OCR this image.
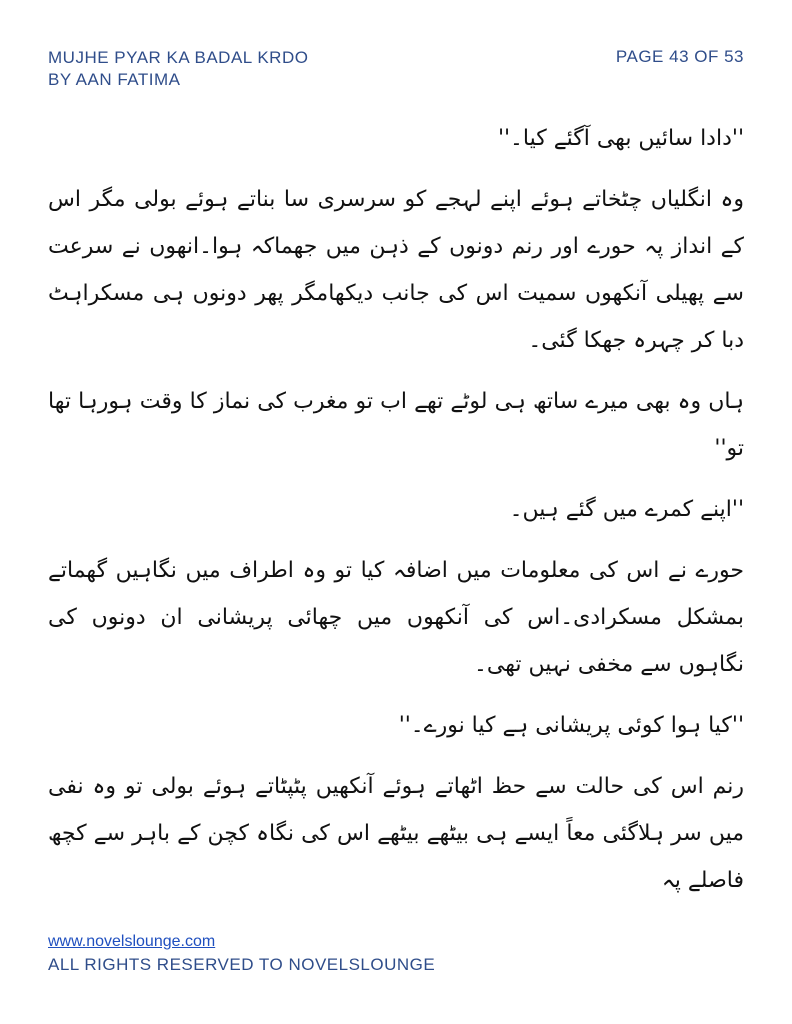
MUJHE PYAR KA BADAL KRDO
BY AAN FATIMA
PAGE 43 OF 53

''دادا سائیں بھی آگئے کیا۔''

وہ انگلیاں چٹخاتے ہوئے اپنے لہجے کو سرسری سا بناتے ہوئے بولی مگر اس کے انداز پہ حورے اور رنم دونوں کے ذہن میں جھماکہ ہوا۔انھوں نے سرعت سے پھیلی آنکھوں سمیت اس کی جانب دیکھامگر پھر دونوں ہی مسکراہٹ دبا کر چہرہ جھکا گئی۔

ہاں وہ بھی میرے ساتھ ہی لوٹے تھے اب تو مغرب کی نماز کا وقت ہورہا تھا تو''

''اپنے کمرے میں گئے ہیں۔

حورے نے اس کی معلومات میں اضافہ کیا تو وہ اطراف میں نگاہیں گھماتے بمشکل مسکرادی۔اس کی آنکھوں میں چھائی پریشانی ان دونوں کی نگاہوں سے مخفی نہیں تھی۔

''کیا ہوا کوئی پریشانی ہے کیا نورے۔''

رنم اس کی حالت سے حظ اٹھاتے ہوئے آنکھیں پٹپٹاتے ہوئے بولی تو وہ نفی میں سر ہلاگئی معاً ایسے ہی بیٹھے بیٹھے اس کی نگاہ کچن کے باہر سے کچھ فاصلے پہ

www.novelslounge.com
ALL RIGHTS RESERVED TO NOVELSLOUNGE
